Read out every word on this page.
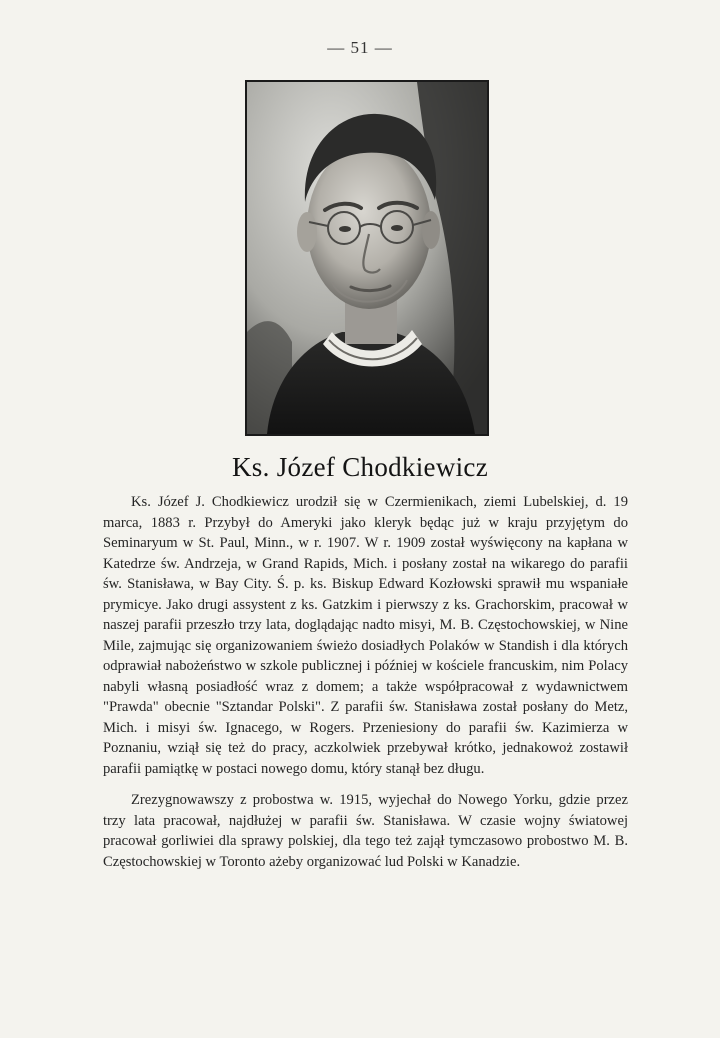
— 51 —
Ks. Józef Chodkiewicz

Ks. Józef J. Chodkiewicz urodził się w Czermienikach, ziemi Lubelskiej, d. 19 marca, 1883 r. Przybył do Ameryki jako kleryk będąc już w kraju przyjętym do Seminaryum w St. Paul, Minn., w r. 1907. W r. 1909 został wyświęcony na kapłana w Katedrze św. Andrzeja, w Grand Rapids, Mich. i posłany został na wikarego do parafii św. Stanisława, w Bay City. Ś. p. ks. Biskup Edward Kozłowski sprawił mu wspaniałe prymicye. Jako drugi assystent z ks. Gatzkim i pierwszy z ks. Grachorskim, pracował w naszej parafii przeszło trzy lata, doglądając nadto misyi, M. B. Częstochowskiej, w Nine Mile, zajmując się organizowaniem świeżo dosiadłych Polaków w Standish i dla których odprawiał nabożeństwo w szkole publicznej i później w kościele francuskim, nim Polacy nabyli własną posiadłość wraz z domem; a także współpracował z wydawnictwem "Prawda" obecnie "Sztandar Polski". Z parafii św. Stanisława został posłany do Metz, Mich. i misyi św. Ignacego, w Rogers. Przeniesiony do parafii św. Kazimierza w Poznaniu, wziął się też do pracy, aczkolwiek przebywał krótko, jednakowoż zostawił parafii pamiątkę w postaci nowego domu, który stanął bez długu.

Zrezygnowawszy z probostwa w. 1915, wyjechał do Nowego Yorku, gdzie przez trzy lata pracował, najdłużej w parafii św. Stanisława. W czasie wojny światowej pracował gorliwiei dla sprawy polskiej, dla tego też zajął tymczasowo probostwo M. B. Częstochowskiej w Toronto ażeby organizować lud Polski w Kanadzie.
